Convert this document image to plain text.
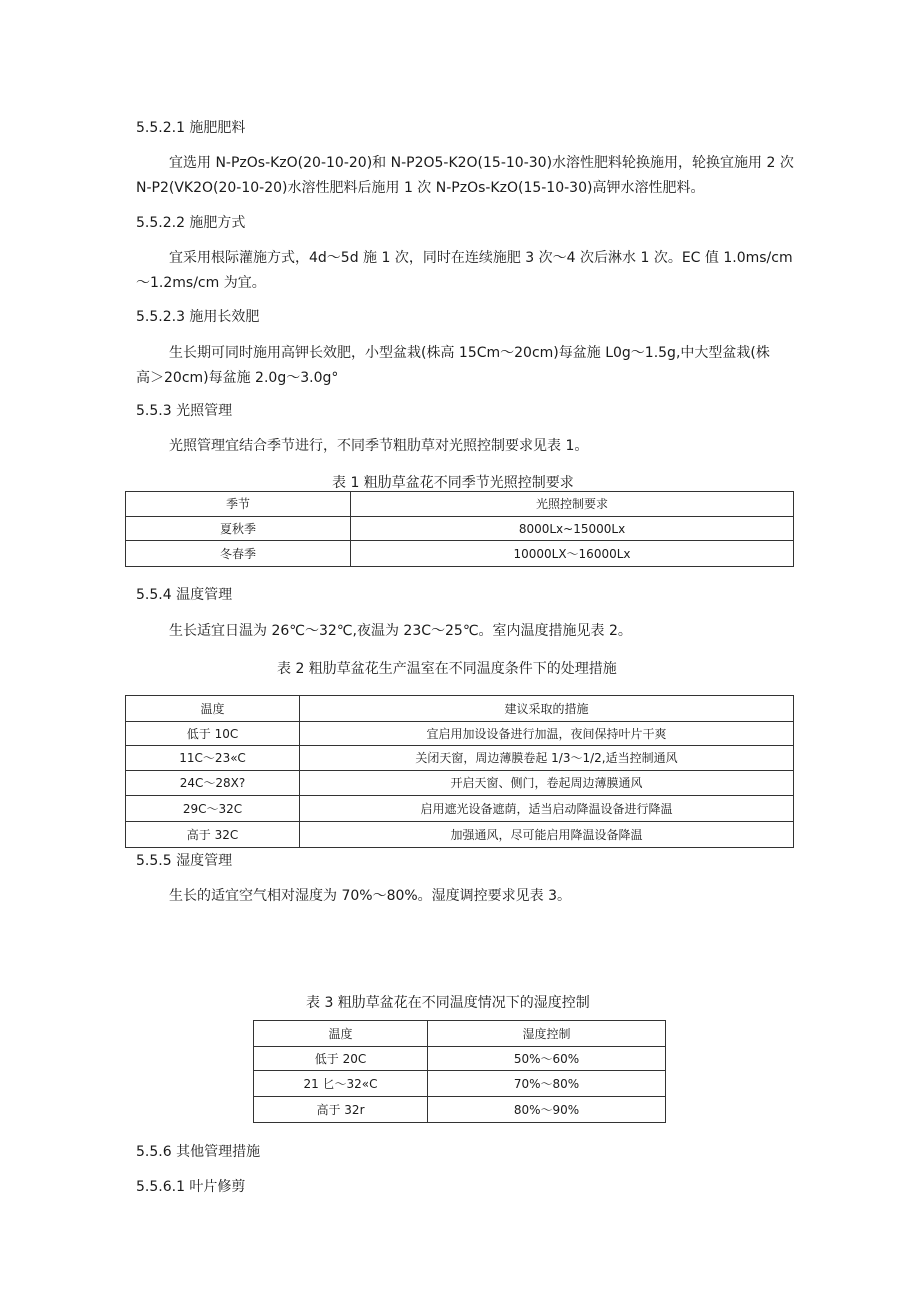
5.5.2.1 施肥肥料
宜选用 N-PzOs-KzO(20-10-20)和 N-P2O5-K2O(15-10-30)水溶性肥料轮换施用，轮换宜施用 2 次
N-P2(VK2O(20-10-20)水溶性肥料后施用 1 次 N-PzOs-KzO(15-10-30)高钾水溶性肥料。
5.5.2.2 施肥方式
宜采用根际灌施方式，4d～5d 施 1 次，同时在连续施肥 3 次～4 次后淋水 1 次。EC 值 1.0ms/cm
～1.2ms/cm 为宜。
5.5.2.3 施用长效肥
生长期可同时施用高钾长效肥，小型盆栽(株高 15Cm～20cm)每盆施 L0g～1.5g,中大型盆栽(株
高＞20cm)每盆施 2.0g～3.0g°
5.5.3 光照管理
光照管理宜结合季节进行，不同季节粗肋草对光照控制要求见表 1。
表 1 粗肋草盆花不同季节光照控制要求
季节	光照控制要求
夏秋季	8000Lx~15000Lx
冬春季	10000LX～16000Lx
5.5.4 温度管理
生长适宜日温为 26℃～32℃,夜温为 23C～25℃。室内温度措施见表 2。
表 2 粗肋草盆花生产温室在不同温度条件下的处理措施
温度	建议采取的措施
低于 10C	宜启用加设设备进行加温，夜间保持叶片干爽
11C～23«C	关闭天窗，周边薄膜卷起 1/3～1/2,适当控制通风
24C～28X?	开启天窗、侧门，卷起周边薄膜通风
29C～32C	启用遮光设备遮荫，适当启动降温设备进行降温
高于 32C	加强通风，尽可能启用降温设备降温
5.5.5 湿度管理
生长的适宜空气相对湿度为 70%～80%。湿度调控要求见表 3。
表 3 粗肋草盆花在不同温度情况下的湿度控制
温度	湿度控制
低于 20C	50%～60%
21 匕～32«C	70%～80%
高于 32r	80%～90%
5.5.6 其他管理措施
5.5.6.1 叶片修剪
